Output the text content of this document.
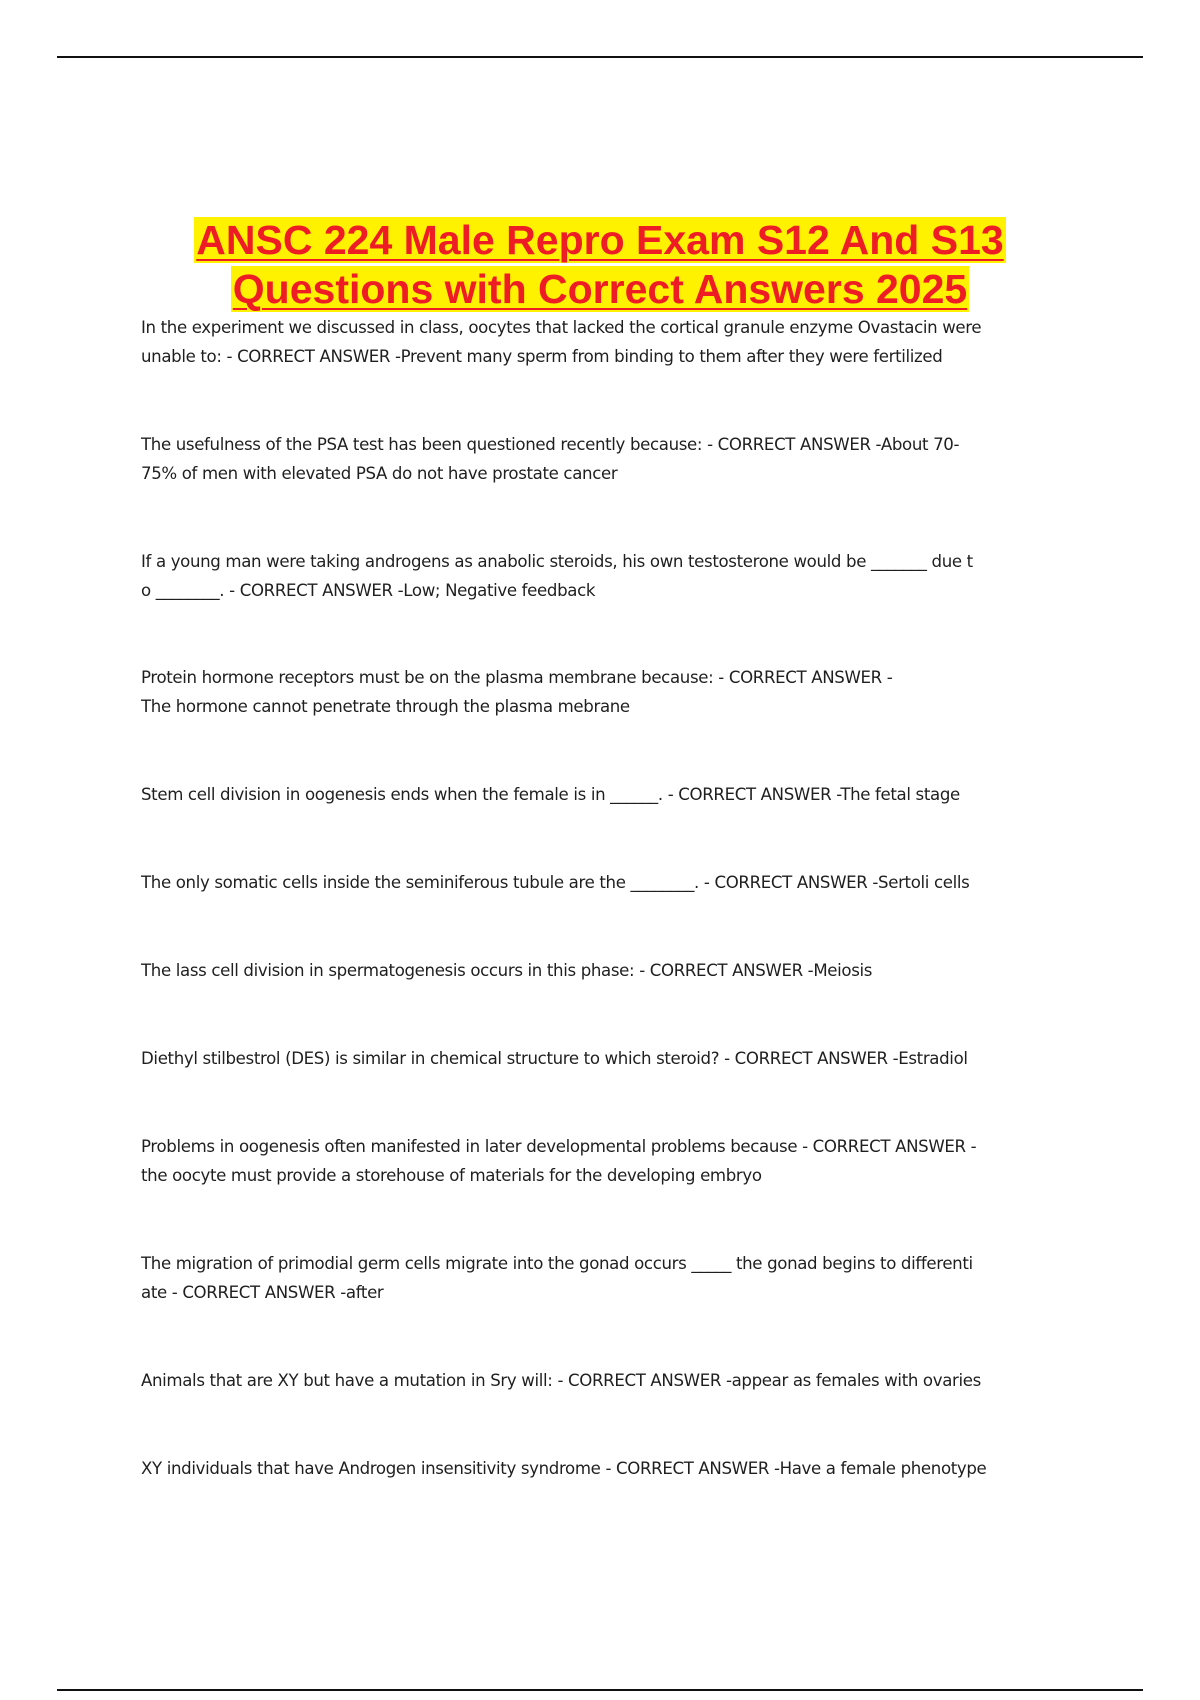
ANSC 224 Male Repro Exam S12 And S13
Questions with Correct Answers 2025
In the experiment we discussed in class, oocytes that lacked the cortical granule enzyme Ovastacin were
unable to: - CORRECT ANSWER -Prevent many sperm from binding to them after they were fertilized
The usefulness of the PSA test has been questioned recently because: - CORRECT ANSWER -About 70-
75% of men with elevated PSA do not have prostate cancer
If a young man were taking androgens as anabolic steroids, his own testosterone would be _______ due t
o ________. - CORRECT ANSWER -Low; Negative feedback
Protein hormone receptors must be on the plasma membrane because: - CORRECT ANSWER -
The hormone cannot penetrate through the plasma mebrane
Stem cell division in oogenesis ends when the female is in ______. - CORRECT ANSWER -The fetal stage
The only somatic cells inside the seminiferous tubule are the ________. - CORRECT ANSWER -Sertoli cells
The lass cell division in spermatogenesis occurs in this phase: - CORRECT ANSWER -Meiosis
Diethyl stilbestrol (DES) is similar in chemical structure to which steroid? - CORRECT ANSWER -Estradiol
Problems in oogenesis often manifested in later developmental problems because - CORRECT ANSWER -
the oocyte must provide a storehouse of materials for the developing embryo
The migration of primodial germ cells migrate into the gonad occurs _____ the gonad begins to differenti
ate - CORRECT ANSWER -after
Animals that are XY but have a mutation in Sry will: - CORRECT ANSWER -appear as females with ovaries
XY individuals that have Androgen insensitivity syndrome - CORRECT ANSWER -Have a female phenotype
